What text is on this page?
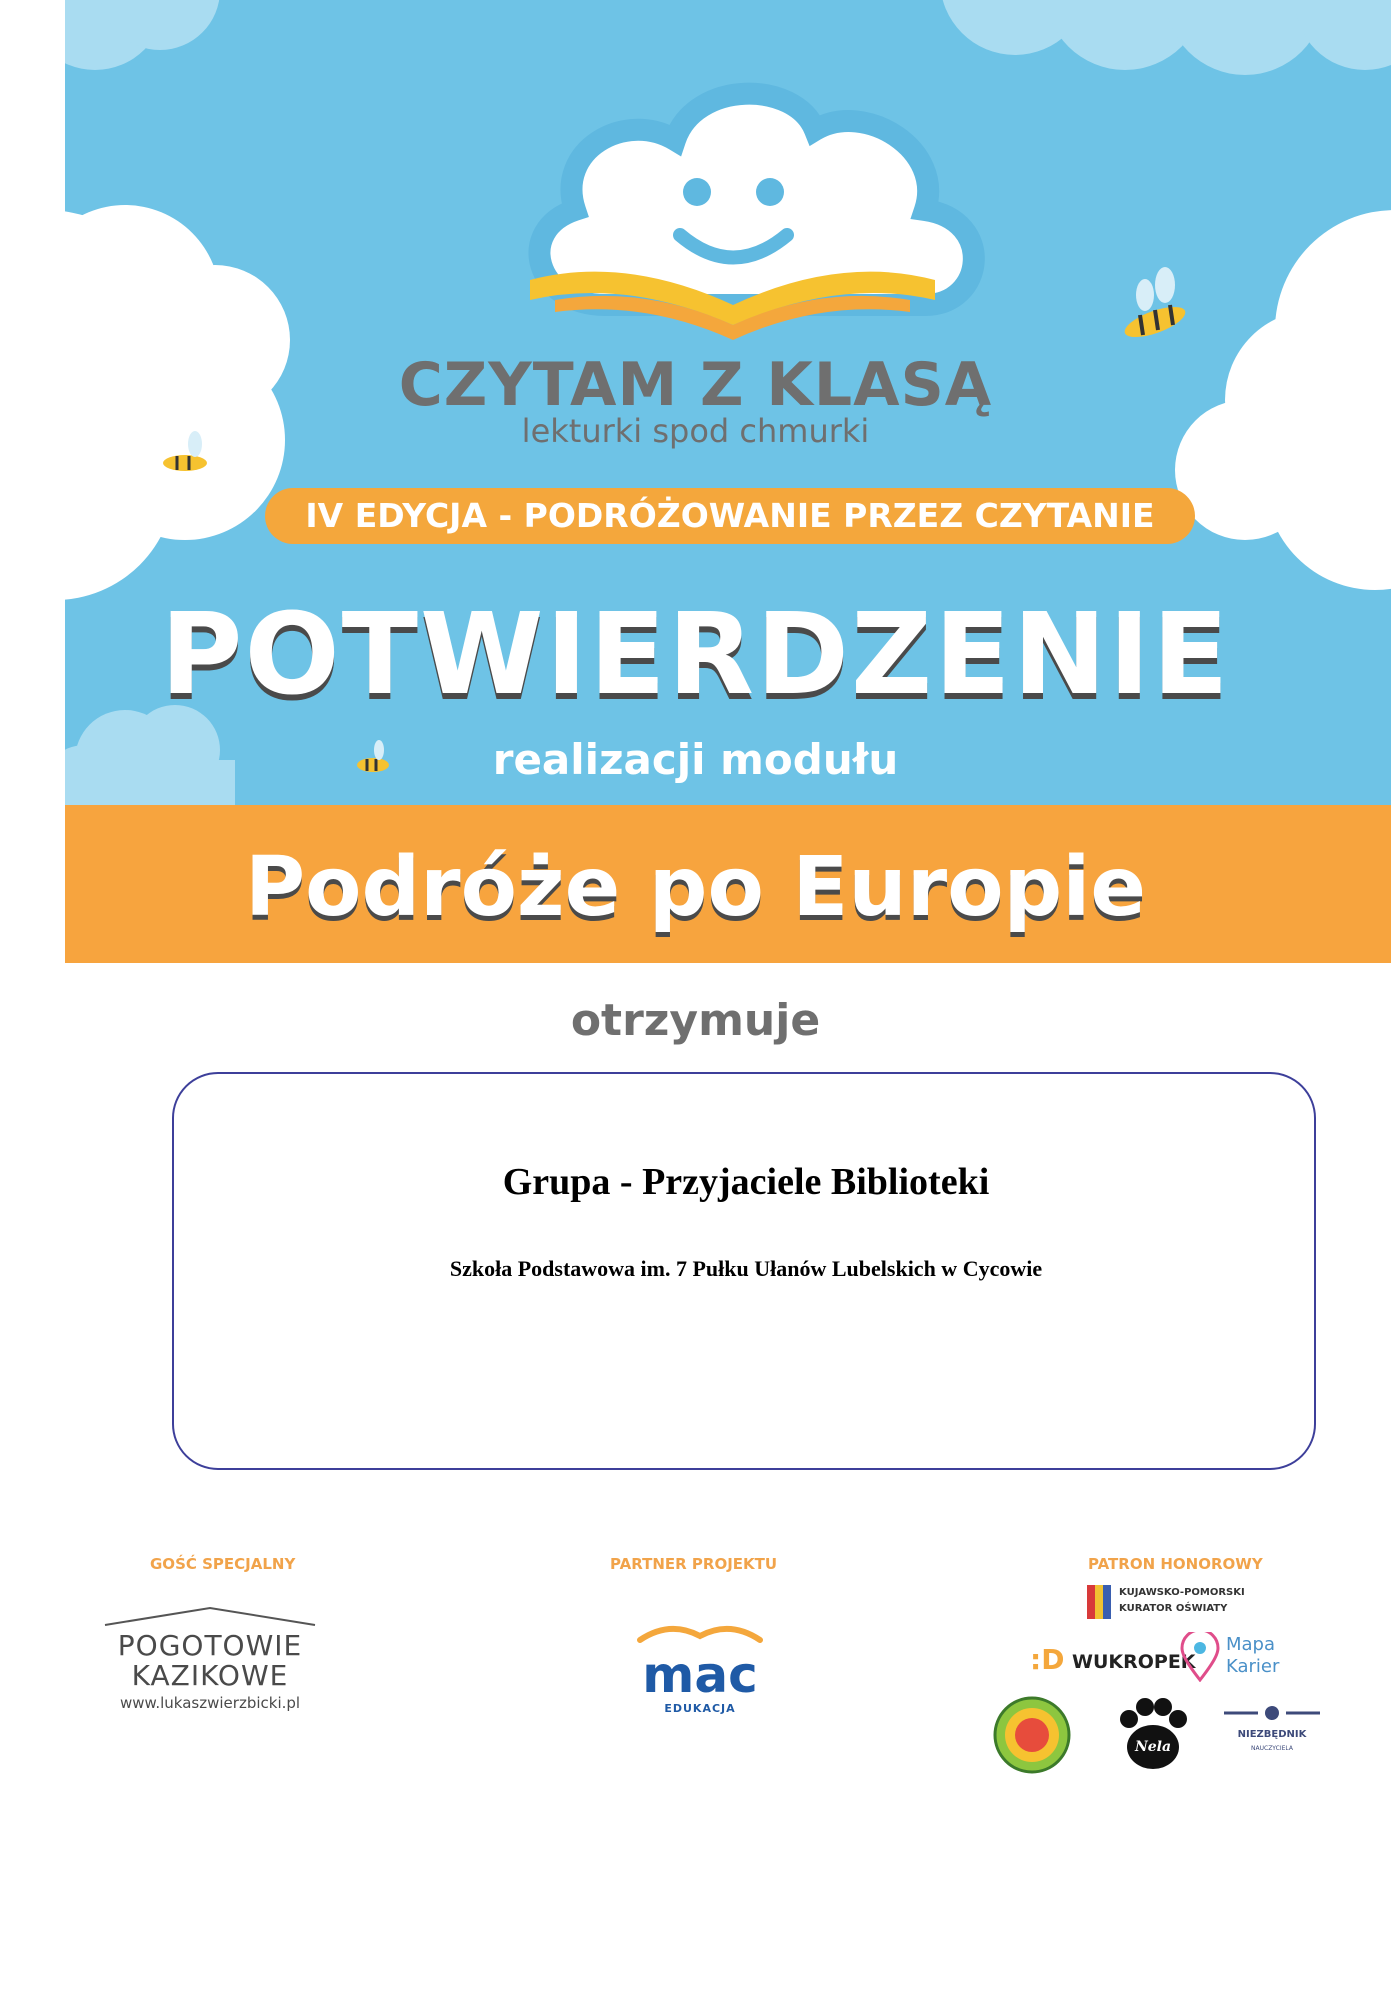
CZYTAM Z KLASĄ
lekturki spod chmurki
IV EDYCJA - PODRÓŻOWANIE PRZEZ CZYTANIE
POTWIERDZENIE
realizacji modułu
Podróże po Europie
otrzymuje
Grupa - Przyjaciele Biblioteki
Szkoła Podstawowa im. 7 Pułku Ułanów Lubelskich w Cycowie
GOŚĆ SPECJALNY	PARTNER PROJEKTU	PATRON HONOROWY
POGOTOWIE
KAZIKOWE
www.lukaszwierzbicki.pl	mac
EDUKACJA
KUJAWSKO-POMORSKI
KURATOR OŚWIATY
:D WUKROPEK
Mapa
Karier
Nela
NIEZBĘDNIK
NAUCZYCIELA
